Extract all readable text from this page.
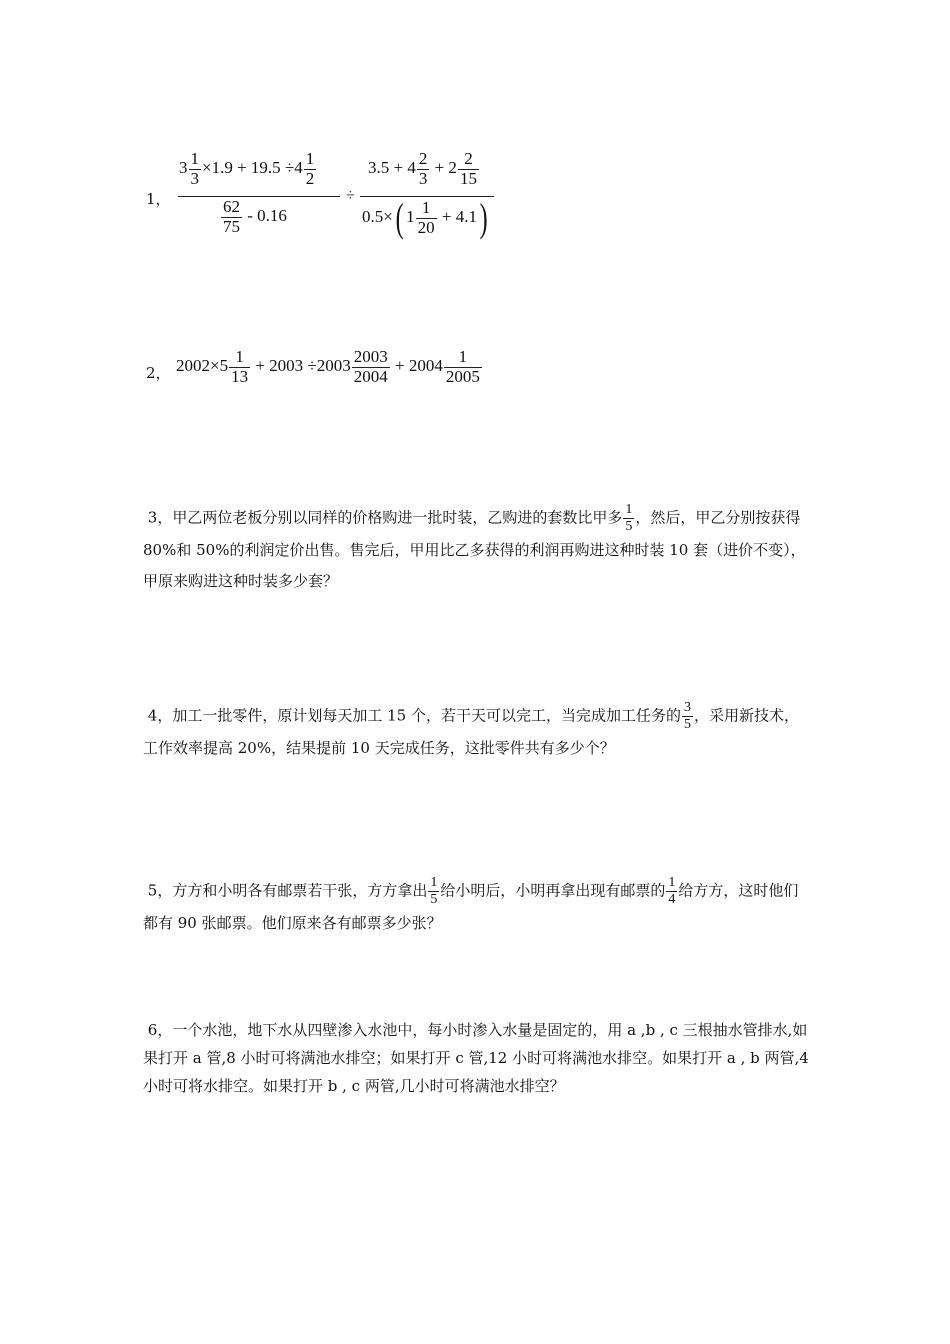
1，
$3 \frac{1}{3} \times 1.9 + 19.5 \div 4 \frac{1}{2}$
$\frac{62}{75} - 0.16$
÷
$3.5 + 4 \frac{2}{3} + 2 \frac{2}{15}$
0.5×( $1 \frac{1}{20} + 4.1$)
2， $2002\times 5 \frac{1}{13} + 2003 \div 2003 \frac{2003}{2004} + 2004 \frac{1}{2005}$
3，甲乙两位老板分别以同样的价格购进一批时装，乙购进的套数比甲多 $\frac{1}{5}$ ，然后，甲乙分别按获得 80%和 50%的利润定价出售。售完后，甲用比乙多获得的利润再购进这种时装 10 套（进价不变），甲原来购进这种时装多少套？
4，加工一批零件，原计划每天加工 15 个，若干天可以完工，当完成加工任务的 $\frac{3}{5}$ ，采用新技术，工作效率提高 20%，结果提前 10 天完成任务，这批零件共有多少个？
5，方方和小明各有邮票若干张，方方拿出 $\frac{1}{5}$ 给小明后，小明再拿出现有邮票的 $\frac{1}{4}$ 给方方，这时他们都有 90 张邮票。他们原来各有邮票多少张？
6，一个水池，地下水从四壁渗入水池中，每小时渗入水量是固定的，用 a ,b , c 三根抽水管排水,如果打开 a 管,8 小时可将满池水排空；如果打开 c 管,12 小时可将满池水排空。如果打开 a , b 两管,4 小时可将水排空。如果打开 b , c 两管,几小时可将满池水排空？
